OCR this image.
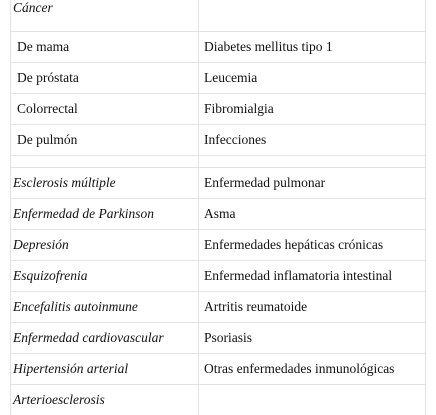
Cáncer
De mama	Diabetes mellitus tipo 1
De próstata	Leucemia
Colorrectal	Fibromialgia
De pulmón	Infecciones
Esclerosis múltiple	Enfermedad pulmonar
Enfermedad de Parkinson	Asma
Depresión	Enfermedades hepáticas crónicas
Esquizofrenia	Enfermedad inflamatoria intestinal
Encefalitis autoinmune	Artritis reumatoide
Enfermedad cardiovascular	Psoriasis
Hipertensión arterial	Otras enfermedades inmunológicas
Arterioesclerosis
